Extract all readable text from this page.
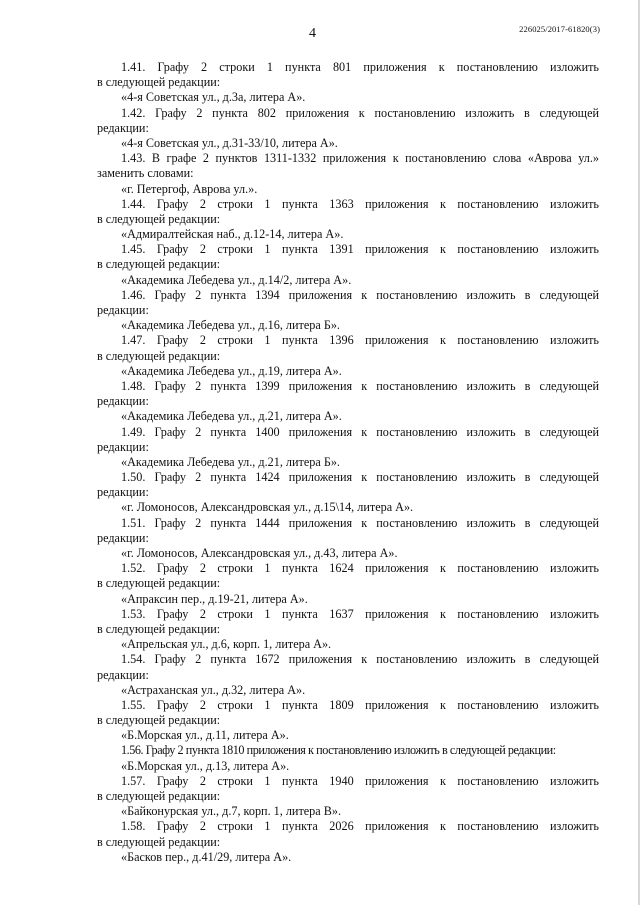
4	226025/2017-61820(3)
1.41. Графу 2 строки 1 пункта 801 приложения к постановлению изложить
в следующей редакции:
«4-я Советская ул., д.3а, литера А».
1.42. Графу 2 пункта 802 приложения к постановлению изложить в следующей
редакции:
«4-я Советская ул., д.31-33/10, литера А».
1.43. В графе 2 пунктов 1311-1332 приложения к постановлению слова «Аврова ул.»
заменить словами:
«г. Петергоф, Аврова ул.».
1.44. Графу 2 строки 1 пункта 1363 приложения к постановлению изложить
в следующей редакции:
«Адмиралтейская наб., д.12-14, литера А».
1.45. Графу 2 строки 1 пункта 1391 приложения к постановлению изложить
в следующей редакции:
«Академика Лебедева ул., д.14/2, литера А».
1.46. Графу 2 пункта 1394 приложения к постановлению изложить в следующей
редакции:
«Академика Лебедева ул., д.16, литера Б».
1.47. Графу 2 строки 1 пункта 1396 приложения к постановлению изложить
в следующей редакции:
«Академика Лебедева ул., д.19, литера А».
1.48. Графу 2 пункта 1399 приложения к постановлению изложить в следующей
редакции:
«Академика Лебедева ул., д.21, литера А».
1.49. Графу 2 пункта 1400 приложения к постановлению изложить в следующей
редакции:
«Академика Лебедева ул., д.21, литера Б».
1.50. Графу 2 пункта 1424 приложения к постановлению изложить в следующей
редакции:
«г. Ломоносов, Александровская ул., д.15\14, литера А».
1.51. Графу 2 пункта 1444 приложения к постановлению изложить в следующей
редакции:
«г. Ломоносов, Александровская ул., д.43, литера А».
1.52. Графу 2 строки 1 пункта 1624 приложения к постановлению изложить
в следующей редакции:
«Апраксин пер., д.19-21, литера А».
1.53. Графу 2 строки 1 пункта 1637 приложения к постановлению изложить
в следующей редакции:
«Апрельская ул., д.6, корп. 1, литера А».
1.54. Графу 2 пункта 1672 приложения к постановлению изложить в следующей
редакции:
«Астраханская ул., д.32, литера А».
1.55. Графу 2 строки 1 пункта 1809 приложения к постановлению изложить
в следующей редакции:
«Б.Морская ул., д.11, литера А».
1.56. Графу 2 пункта 1810 приложения к постановлению изложить в следующей редакции:
«Б.Морская ул., д.13, литера А».
1.57. Графу 2 строки 1 пункта 1940 приложения к постановлению изложить
в следующей редакции:
«Байконурская ул., д.7, корп. 1, литера В».
1.58. Графу 2 строки 1 пункта 2026 приложения к постановлению изложить
в следующей редакции:
«Басков пер., д.41/29, литера А».
